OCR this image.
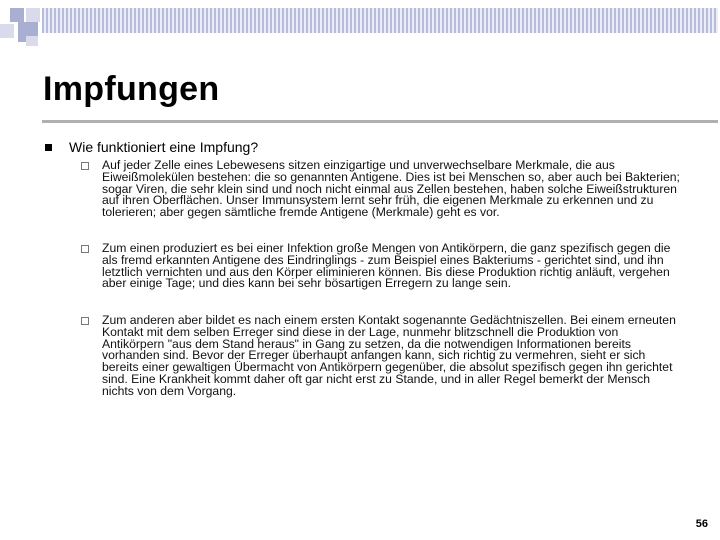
Impfungen
Wie funktioniert eine Impfung?
Auf jeder Zelle eines Lebewesens sitzen einzigartige und unverwechselbare Merkmale, die aus Eiweißmolekülen bestehen: die so genannten Antigene. Dies ist bei Menschen so, aber auch bei Bakterien; sogar Viren, die sehr klein sind und noch nicht einmal aus Zellen bestehen, haben solche Eiweißstrukturen auf ihren Oberflächen. Unser Immunsystem lernt sehr früh, die eigenen Merkmale zu erkennen und zu tolerieren; aber gegen sämtliche fremde Antigene (Merkmale) geht es vor.
Zum einen produziert es bei einer Infektion große Mengen von Antikörpern, die ganz spezifisch gegen die als fremd erkannten Antigene des Eindringlings - zum Beispiel eines Bakteriums - gerichtet sind, und ihn letztlich vernichten und aus den Körper eliminieren können. Bis diese Produktion richtig anläuft, vergehen aber einige Tage; und dies kann bei sehr bösartigen Erregern zu lange sein.
Zum anderen aber bildet es nach einem ersten Kontakt sogenannte Gedächtniszellen. Bei einem erneuten Kontakt mit dem selben Erreger sind diese in der Lage, nunmehr blitzschnell die Produktion von Antikörpern "aus dem Stand heraus" in Gang zu setzen, da die notwendigen Informationen bereits vorhanden sind. Bevor der Erreger überhaupt anfangen kann, sich richtig zu vermehren, sieht er sich bereits einer gewaltigen Übermacht von Antikörpern gegenüber, die absolut spezifisch gegen ihn gerichtet sind. Eine Krankheit kommt daher oft gar nicht erst zu Stande, und in aller Regel bemerkt der Mensch nichts von dem Vorgang.
56
